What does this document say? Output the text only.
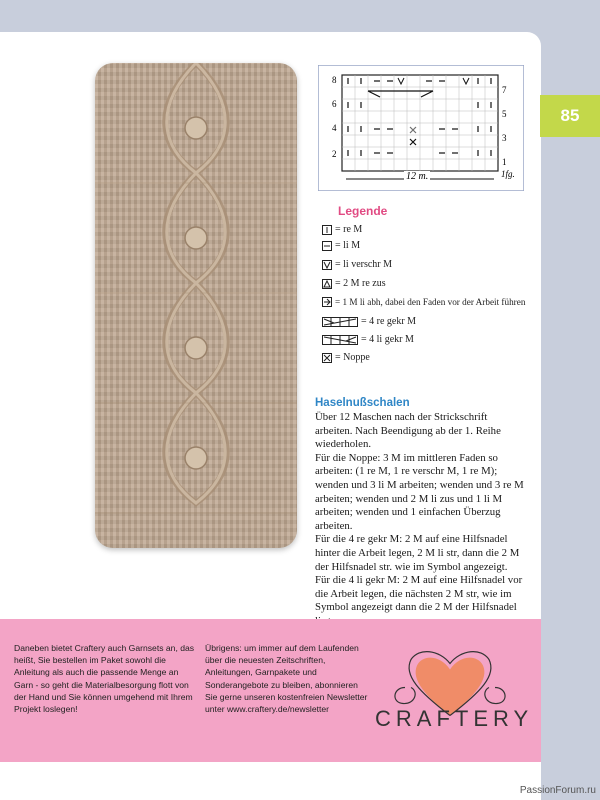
85
8
6
4
2
7
5
3
1
12 m.	1fg.
Legende
= re M
= li M
= li verschr M
= 2 M re zus
= 1 M li abh, dabei den Faden vor der Arbeit führen
= 4 re gekr M
= 4 li gekr M
= Noppe
Haselnußschalen

Über 12 Maschen nach der Strickschrift arbeiten. Nach Beendigung ab der 1. Reihe wiederholen.

Für die Noppe: 3 M im mittleren Faden so arbeiten: (1 re M, 1 re verschr M, 1 re M); wenden und 3 li M arbeiten; wenden und 3 re M arbeiten; wenden und 2 M li zus und 1 li M arbeiten; wenden und 1 einfachen Überzug arbeiten.

Für die 4 re gekr M: 2 M auf eine Hilfsnadel hinter die Arbeit legen, 2 M li str, dann die 2 M der Hilfsnadel str. wie im Symbol angezeigt.

Für die 4 li gekr M: 2 M auf eine Hilfsnadel vor die Arbeit legen, die nächsten 2 M str, wie im Symbol angezeigt dann die 2 M der Hilfsnadel

Daneben bietet Craftery auch Garnsets an, das heißt, Sie bestellen im Paket sowohl die Anleitung als auch die passende Menge an Garn - so geht die Materialbesorgung flott von der Hand und Sie können umgehend mit Ihrem Projekt loslegen!
Übrigens: um immer auf dem Laufenden über die neuesten Zeitschriften, Anleitungen, Garnpakete und Sonderangebote zu bleiben, abonnieren Sie gerne unseren kostenfreien Newsletter unter www.craftery.de/newsletter	CRAFTERY
PassionForum.ru
